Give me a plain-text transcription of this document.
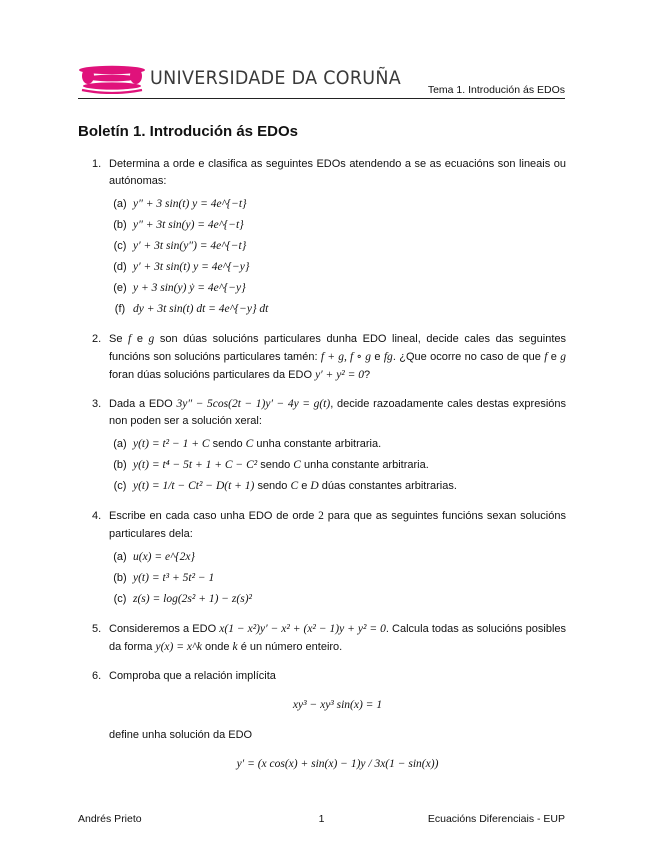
UNIVERSIDADE DA CORUÑA
Tema 1. Introdución ás EDOs
Boletín 1. Introdución ás EDOs
1. Determina a orde e clasifica as seguintes EDOs atendendo a se as ecuacións son lineais ou autónomas:
(a) y″ + 3 sin(t) y = 4e^{−t}
(b) y″ + 3t sin(y) = 4e^{−t}
(c) y′ + 3t sin(y″) = 4e^{−t}
(d) y′ + 3t sin(t) y = 4e^{−y}
(e) y + 3 sin(y) ẏ = 4e^{−y}
(f) dy + 3t sin(t) dt = 4e^{−y} dt
2. Se f e g son dúas solucións particulares dunha EDO lineal, decide cales das seguintes funcións son solucións particulares tamén: f + g, f ∘ g e fg. ¿Que ocorre no caso de que f e g foran dúas solucións particulares da EDO y′ + y² = 0?
3. Dada a EDO 3y″ − 5cos(2t − 1)y′ − 4y = g(t), decide razoadamente cales destas expresións non poden ser a solución xeral:
(a) y(t) = t² − 1 + C sendo C unha constante arbitraria.
(b) y(t) = t⁴ − 5t + 1 + C − C² sendo C unha constante arbitraria.
(c) y(t) = 1/t − Ct² − D(t + 1) sendo C e D dúas constantes arbitrarias.
4. Escribe en cada caso unha EDO de orde 2 para que as seguintes funcións sexan solucións particulares dela:
(a) u(x) = e^{2x}
(b) y(t) = t³ + 5t² − 1
(c) z(s) = log(2s² + 1) − z(s)²
5. Consideremos a EDO x(1 − x²)y′ − x² + (x² − 1)y + y² = 0. Calcula todas as solucións posibles da forma y(x) = x^k onde k é un número enteiro.
6. Comproba que a relación implícita
xy³ − xy³ sin(x) = 1
define unha solución da EDO
y′ = (x cos(x) + sin(x) − 1)y / 3x(1 − sin(x))
Andrés Prieto	1	Ecuacións Diferenciais - EUP
